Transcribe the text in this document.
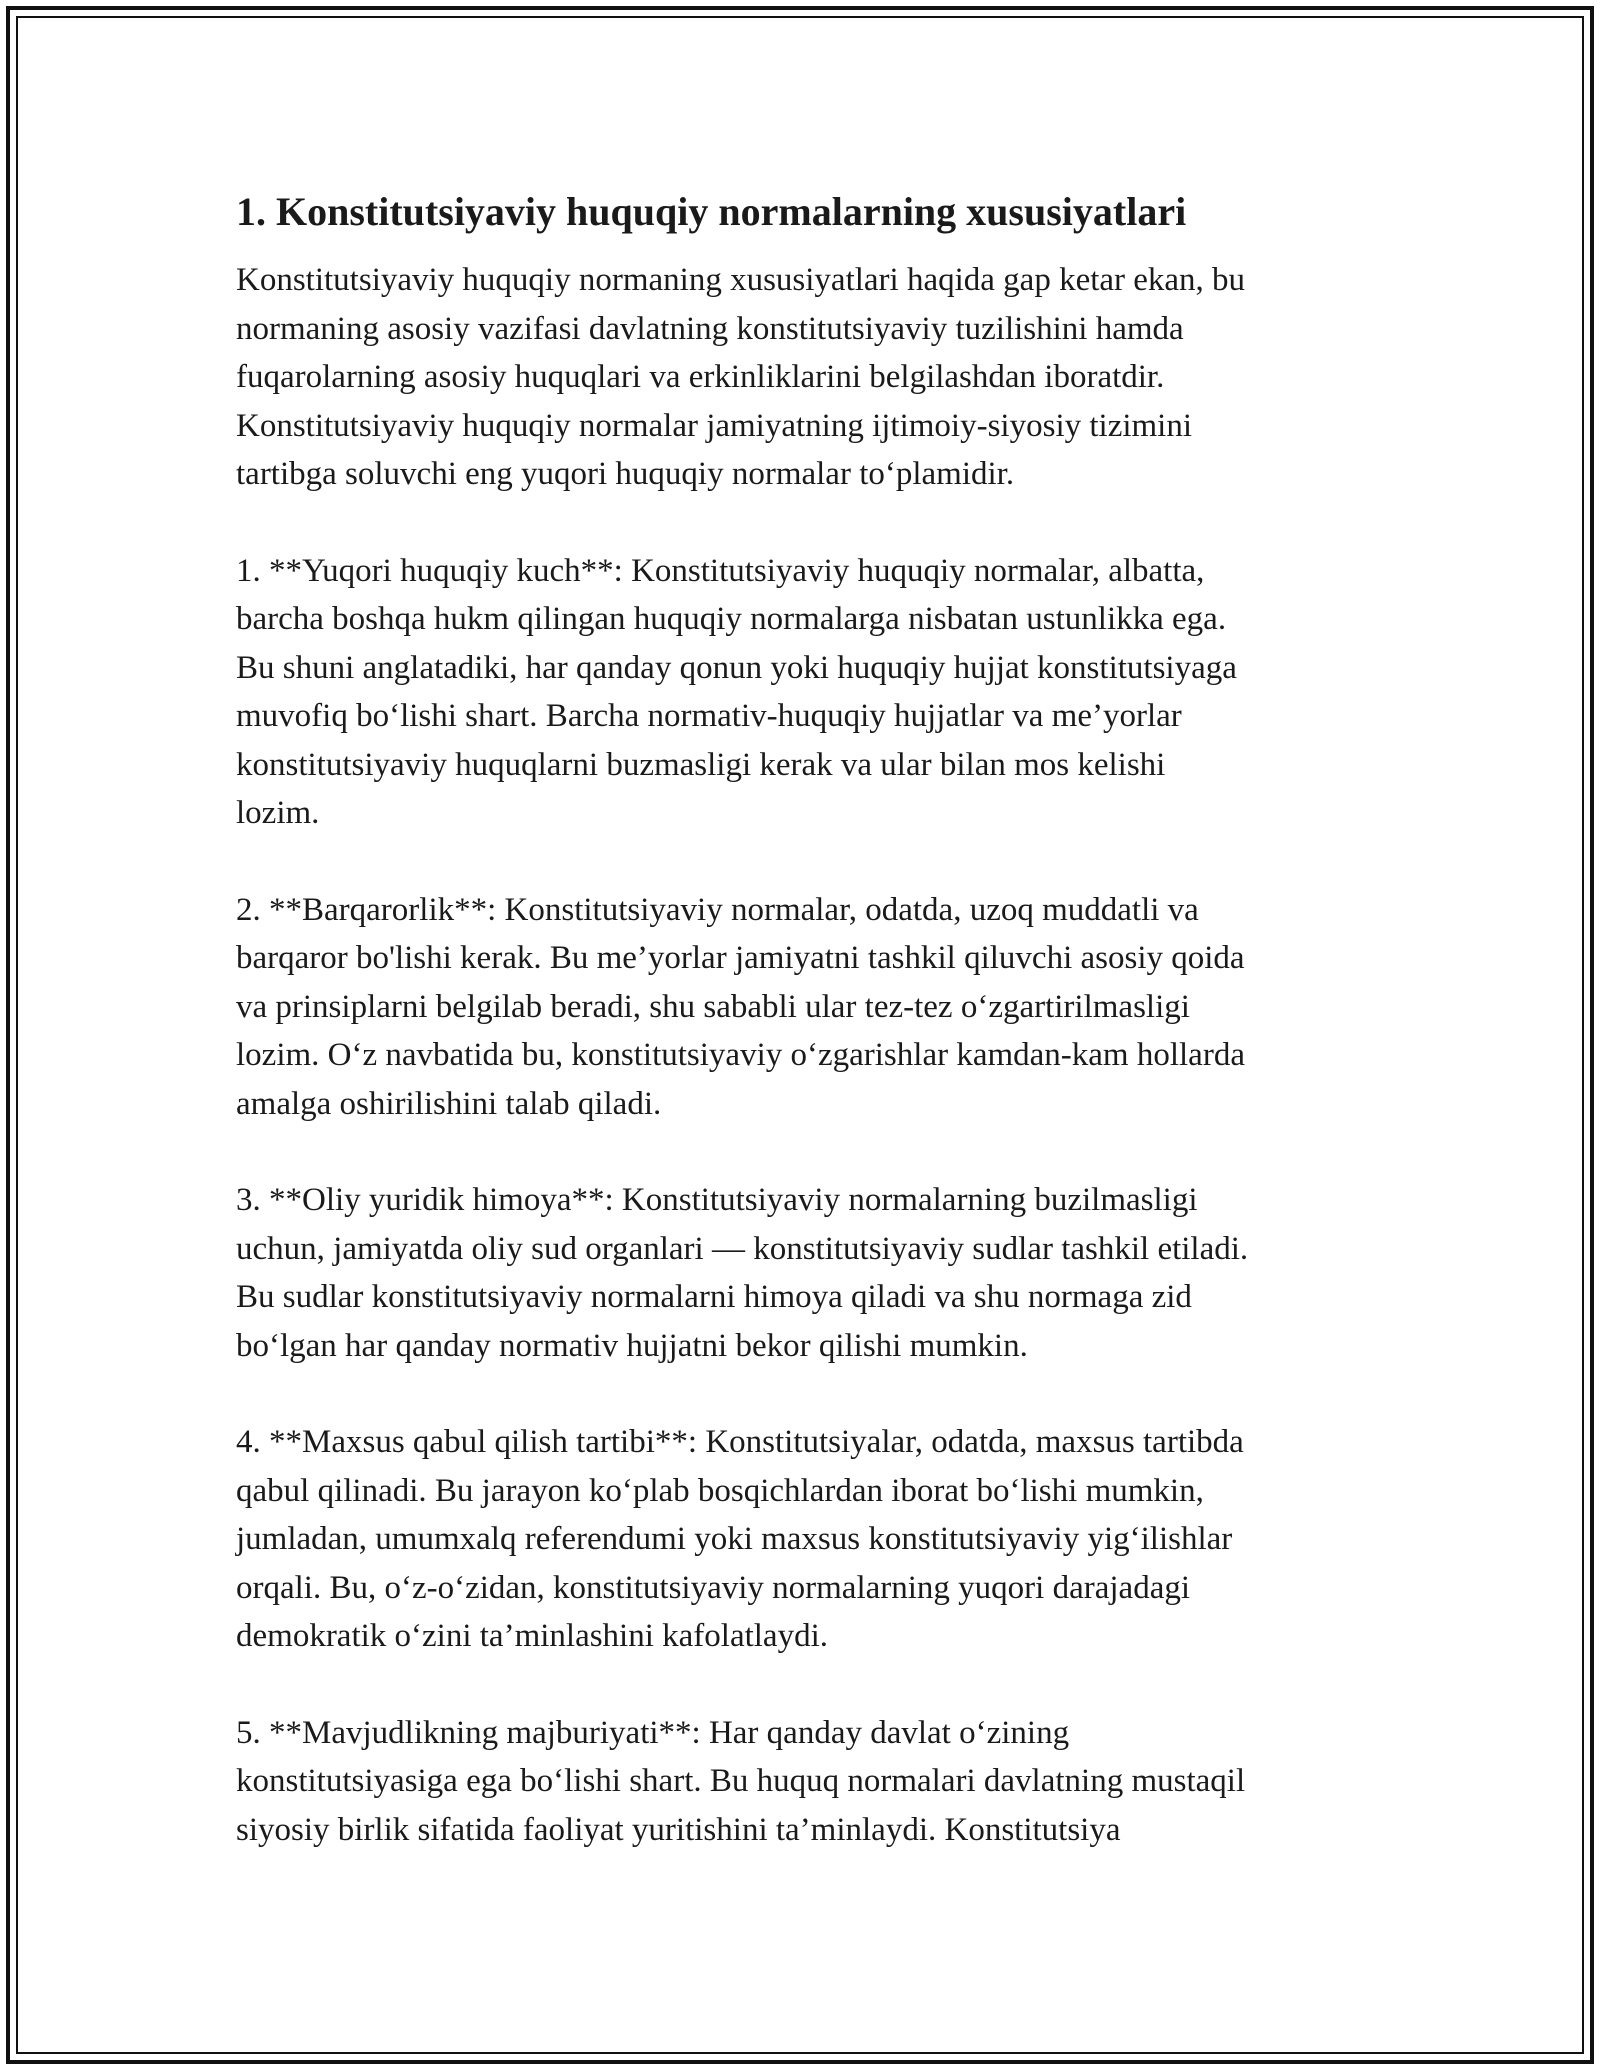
1. Konstitutsiyaviy huquqiy normalarning xususiyatlari

Konstitutsiyaviy huquqiy normaning xususiyatlari haqida gap ketar ekan, bu
normaning asosiy vazifasi davlatning konstitutsiyaviy tuzilishini hamda
fuqarolarning asosiy huquqlari va erkinliklarini belgilashdan iboratdir.
Konstitutsiyaviy huquqiy normalar jamiyatning ijtimoiy-siyosiy tizimini
tartibga soluvchi eng yuqori huquqiy normalar to‘plamidir.

1. **Yuqori huquqiy kuch**: Konstitutsiyaviy huquqiy normalar, albatta,
barcha boshqa hukm qilingan huquqiy normalarga nisbatan ustunlikka ega.
Bu shuni anglatadiki, har qanday qonun yoki huquqiy hujjat konstitutsiyaga
muvofiq bo‘lishi shart. Barcha normativ-huquqiy hujjatlar va me’yorlar
konstitutsiyaviy huquqlarni buzmasligi kerak va ular bilan mos kelishi
lozim.

2. **Barqarorlik**: Konstitutsiyaviy normalar, odatda, uzoq muddatli va
barqaror bo'lishi kerak. Bu me’yorlar jamiyatni tashkil qiluvchi asosiy qoida
va prinsiplarni belgilab beradi, shu sababli ular tez-tez o‘zgartirilmasligi
lozim. O‘z navbatida bu, konstitutsiyaviy o‘zgarishlar kamdan-kam hollarda
amalga oshirilishini talab qiladi.

3. **Oliy yuridik himoya**: Konstitutsiyaviy normalarning buzilmasligi
uchun, jamiyatda oliy sud organlari — konstitutsiyaviy sudlar tashkil etiladi.
Bu sudlar konstitutsiyaviy normalarni himoya qiladi va shu normaga zid
bo‘lgan har qanday normativ hujjatni bekor qilishi mumkin.

4. **Maxsus qabul qilish tartibi**: Konstitutsiyalar, odatda, maxsus tartibda
qabul qilinadi. Bu jarayon ko‘plab bosqichlardan iborat bo‘lishi mumkin,
jumladan, umumxalq referendumi yoki maxsus konstitutsiyaviy yig‘ilishlar
orqali. Bu, o‘z-o‘zidan, konstitutsiyaviy normalarning yuqori darajadagi
demokratik o‘zini ta’minlashini kafolatlaydi.

5. **Mavjudlikning majburiyati**: Har qanday davlat o‘zining
konstitutsiyasiga ega bo‘lishi shart. Bu huquq normalari davlatning mustaqil
siyosiy birlik sifatida faoliyat yuritishini ta’minlaydi. Konstitutsiya
